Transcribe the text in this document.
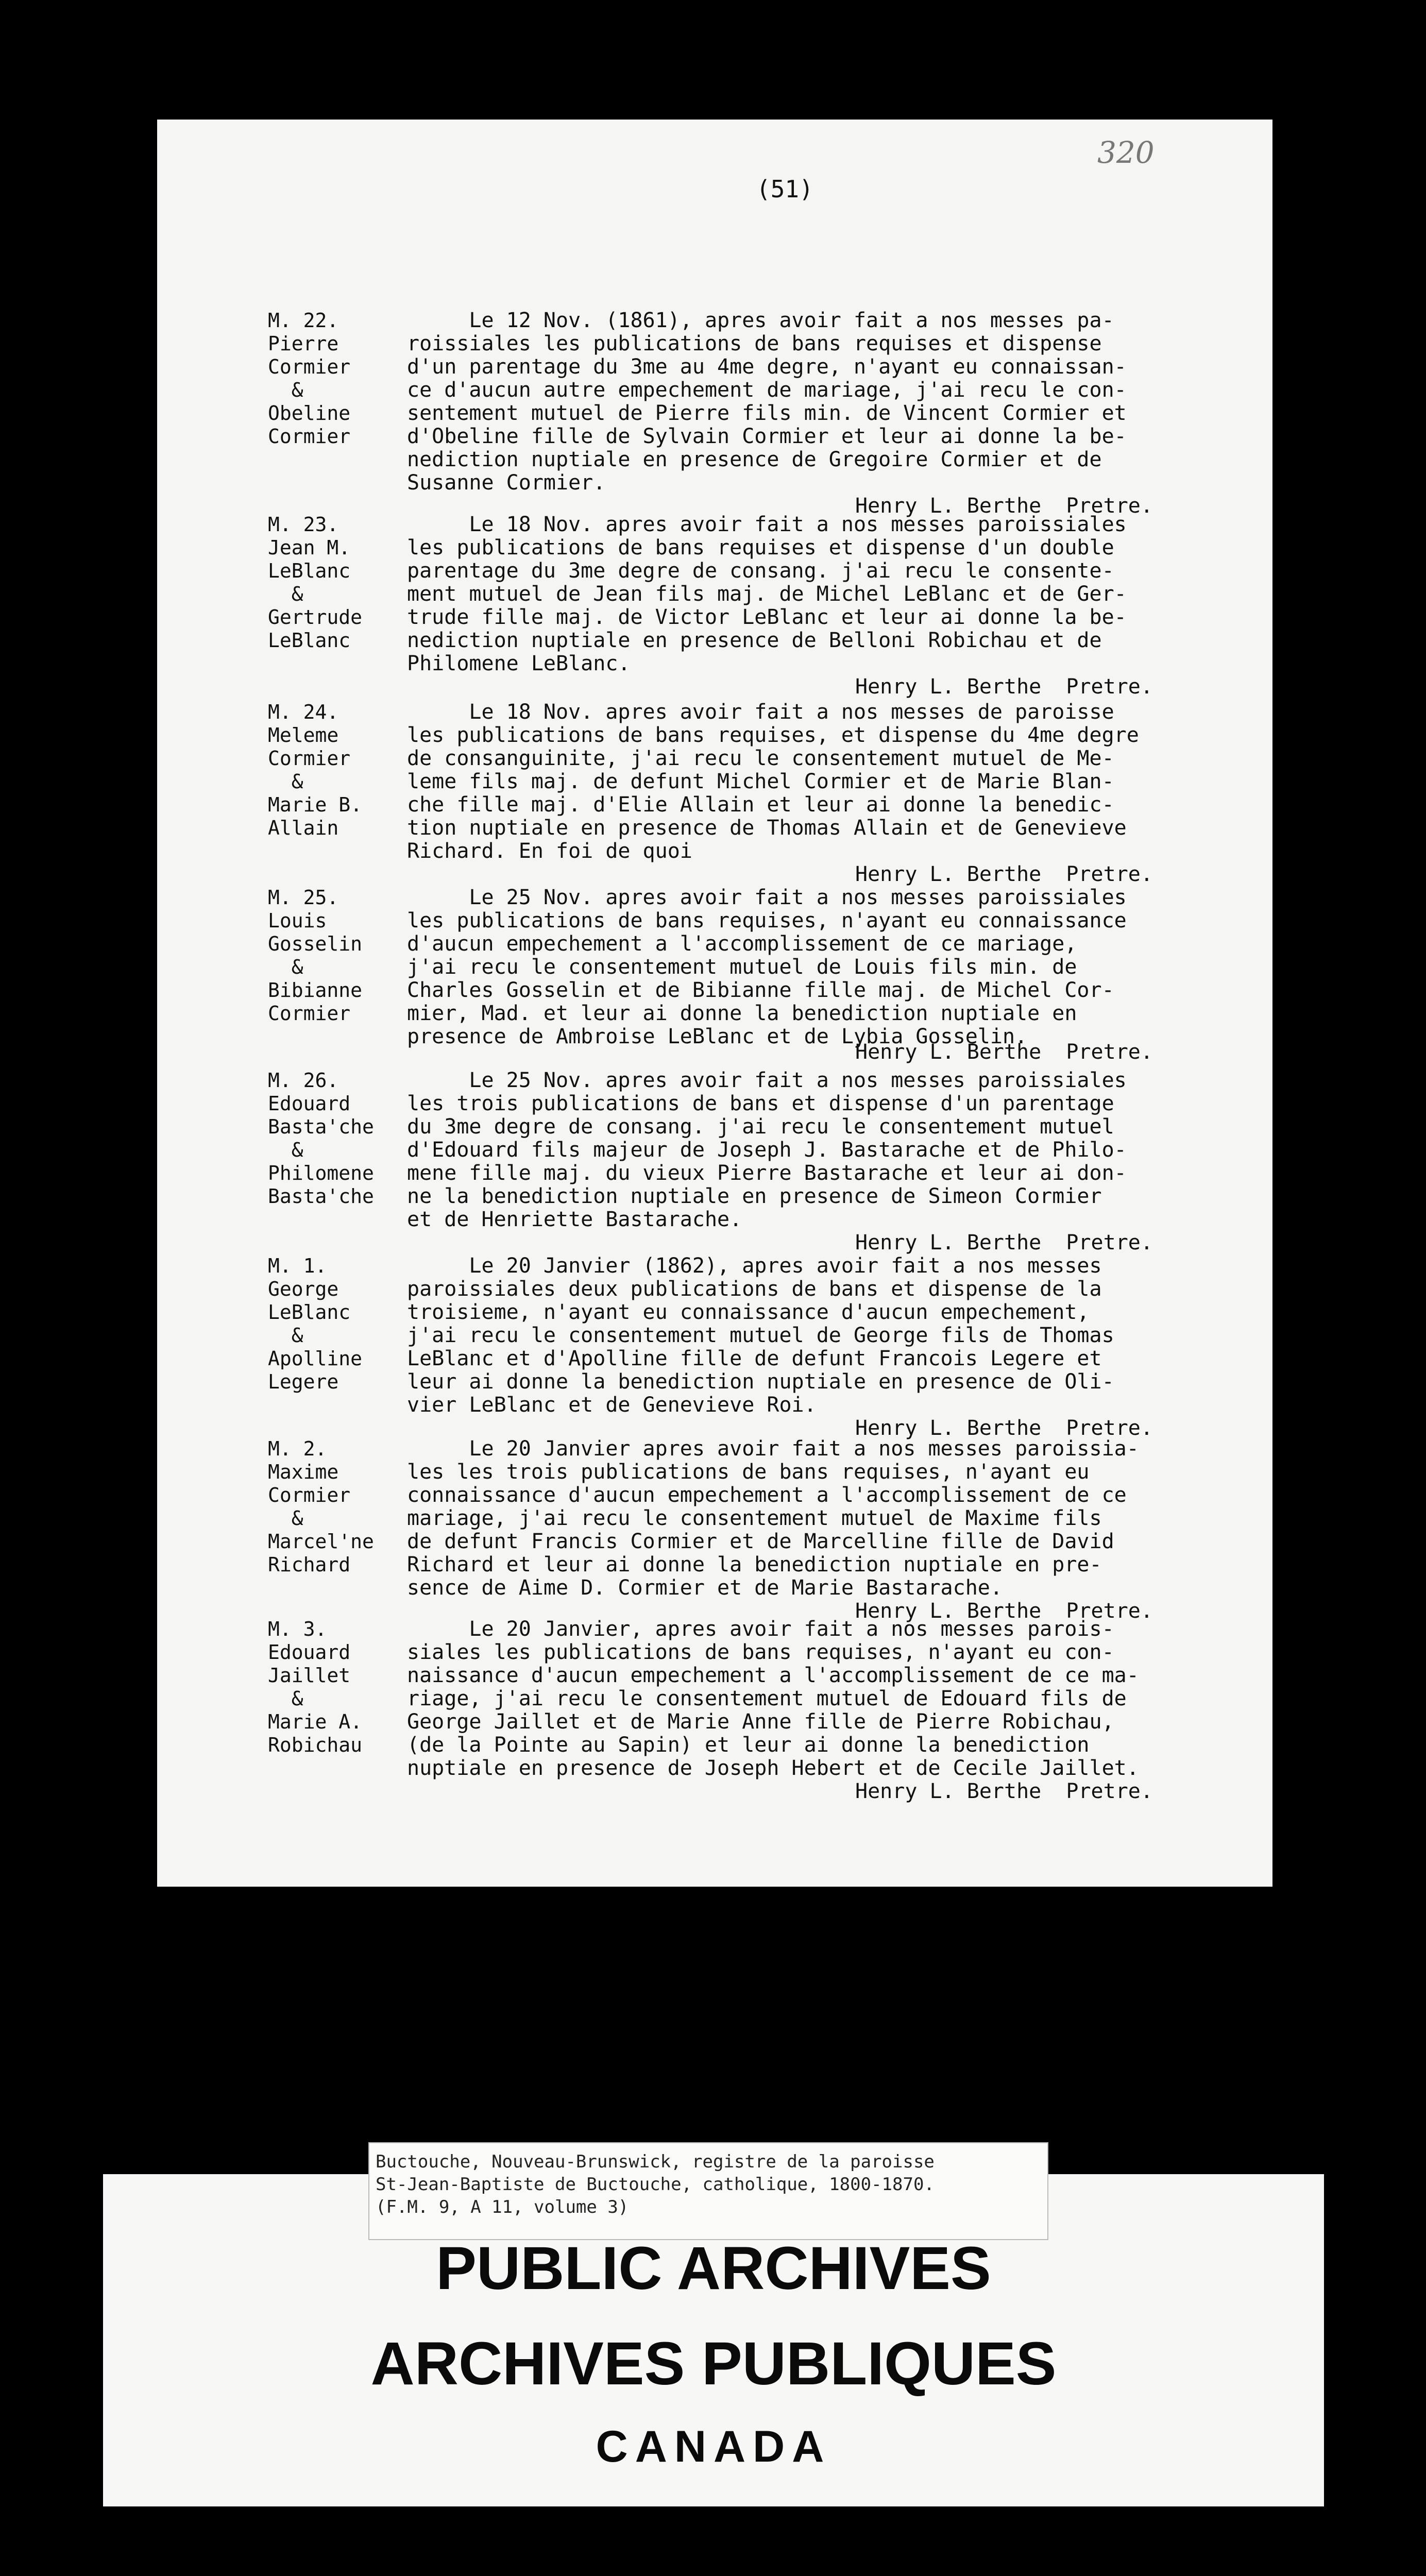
(51)
320
M. 22.
Pierre
Cormier
&
Obeline
Cormier
Le 12 Nov. (1861), apres avoir fait a nos messes pa-
roissiales les publications de bans requises et dispense
d'un parentage du 3me au 4me degre, n'ayant eu connaissan-
ce d'aucun autre empechement de mariage, j'ai recu le con-
sentement mutuel de Pierre fils min. de Vincent Cormier et
d'Obeline fille de Sylvain Cormier et leur ai donne la be-
nediction nuptiale en presence de Gregoire Cormier et de
Susanne Cormier.
Henry L. Berthe  Pretre.
M. 23.
Jean M.
LeBlanc
&
Gertrude
LeBlanc
Le 18 Nov. apres avoir fait a nos messes paroissiales
les publications de bans requises et dispense d'un double
parentage du 3me degre de consang. j'ai recu le consente-
ment mutuel de Jean fils maj. de Michel LeBlanc et de Ger-
trude fille maj. de Victor LeBlanc et leur ai donne la be-
nediction nuptiale en presence de Belloni Robichau et de
Philomene LeBlanc.
Henry L. Berthe  Pretre.
M. 24.
Meleme
Cormier
&
Marie B.
Allain
Le 18 Nov. apres avoir fait a nos messes de paroisse
les publications de bans requises, et dispense du 4me degre
de consanguinite, j'ai recu le consentement mutuel de Me-
leme fils maj. de defunt Michel Cormier et de Marie Blan-
che fille maj. d'Elie Allain et leur ai donne la benedic-
tion nuptiale en presence de Thomas Allain et de Genevieve
Richard. En foi de quoi
Henry L. Berthe  Pretre.
M. 25.
Louis
Gosselin
&
Bibianne
Cormier
Le 25 Nov. apres avoir fait a nos messes paroissiales
les publications de bans requises, n'ayant eu connaissance
d'aucun empechement a l'accomplissement de ce mariage,
j'ai recu le consentement mutuel de Louis fils min. de
Charles Gosselin et de Bibianne fille maj. de Michel Cor-
mier, Mad. et leur ai donne la benediction nuptiale en
presence de Ambroise LeBlanc et de Lybia Gosselin.
Henry L. Berthe  Pretre.
M. 26.
Edouard
Basta'che
&
Philomene
Basta'che
Le 25 Nov. apres avoir fait a nos messes paroissiales
les trois publications de bans et dispense d'un parentage
du 3me degre de consang. j'ai recu le consentement mutuel
d'Edouard fils majeur de Joseph J. Bastarache et de Philo-
mene fille maj. du vieux Pierre Bastarache et leur ai don-
ne la benediction nuptiale en presence de Simeon Cormier
et de Henriette Bastarache.
Henry L. Berthe  Pretre.
M. 1.
George
LeBlanc
&
Apolline
Legere
Le 20 Janvier (1862), apres avoir fait a nos messes
paroissiales deux publications de bans et dispense de la
troisieme, n'ayant eu connaissance d'aucun empechement,
j'ai recu le consentement mutuel de George fils de Thomas
LeBlanc et d'Apolline fille de defunt Francois Legere et
leur ai donne la benediction nuptiale en presence de Oli-
vier LeBlanc et de Genevieve Roi.
Henry L. Berthe  Pretre.
M. 2.
Maxime
Cormier
&
Marcel'ne
Richard
Le 20 Janvier apres avoir fait a nos messes paroissia-
les les trois publications de bans requises, n'ayant eu
connaissance d'aucun empechement a l'accomplissement de ce
mariage, j'ai recu le consentement mutuel de Maxime fils
de defunt Francis Cormier et de Marcelline fille de David
Richard et leur ai donne la benediction nuptiale en pre-
sence de Aime D. Cormier et de Marie Bastarache.
Henry L. Berthe  Pretre.
M. 3.
Edouard
Jaillet
&
Marie A.
Robichau
Le 20 Janvier, apres avoir fait a nos messes parois-
siales les publications de bans requises, n'ayant eu con-
naissance d'aucun empechement a l'accomplissement de ce ma-
riage, j'ai recu le consentement mutuel de Edouard fils de
George Jaillet et de Marie Anne fille de Pierre Robichau,
(de la Pointe au Sapin) et leur ai donne la benediction
nuptiale en presence de Joseph Hebert et de Cecile Jaillet.
Henry L. Berthe  Pretre.
Buctouche, Nouveau-Brunswick, registre de la paroisse
St-Jean-Baptiste de Buctouche, catholique, 1800-1870.
(F.M. 9, A 11, volume 3)
PUBLIC ARCHIVES
ARCHIVES PUBLIQUES
CANADA
